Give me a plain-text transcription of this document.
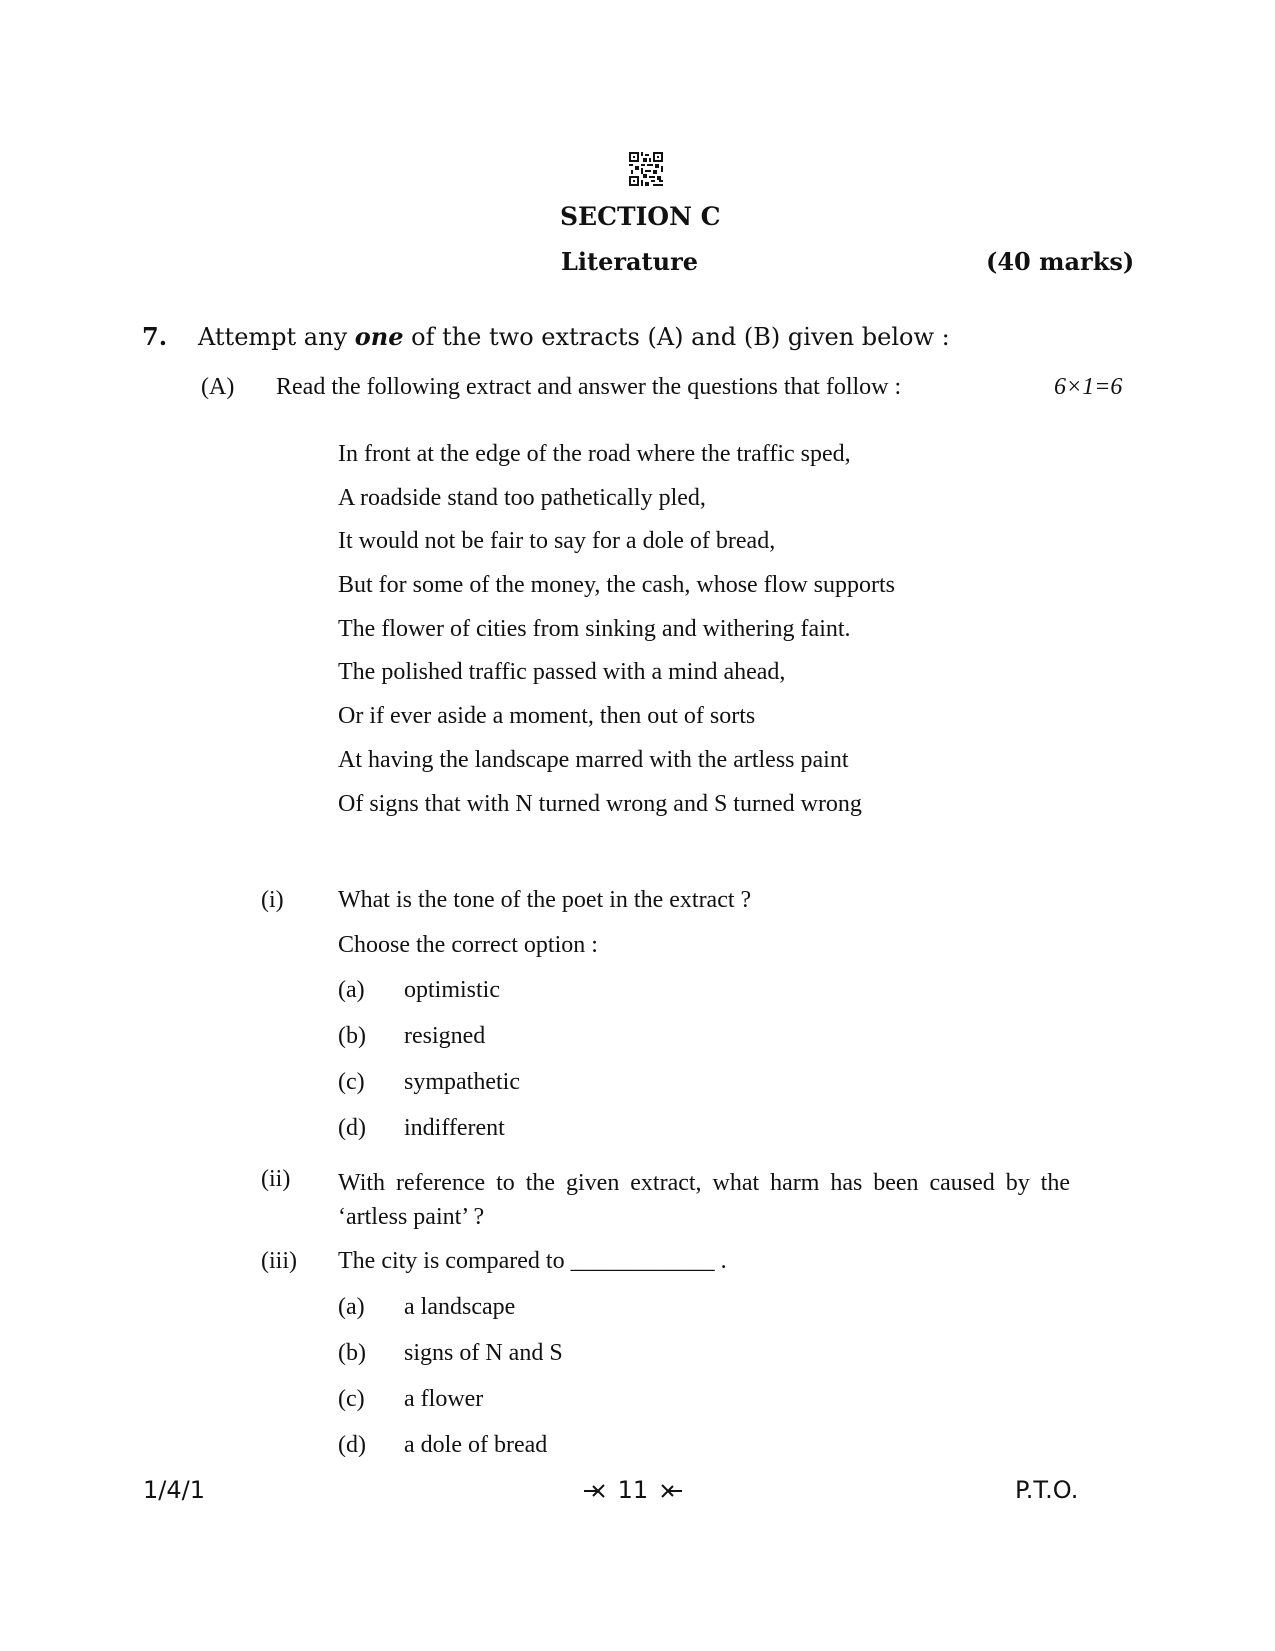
SECTION C
Literature	(40 marks)
7. Attempt any one of the two extracts (A) and (B) given below :
(A) Read the following extract and answer the questions that follow :	6×1=6
In front at the edge of the road where the traffic sped,
A roadside stand too pathetically pled,
It would not be fair to say for a dole of bread,
But for some of the money, the cash, whose flow supports
The flower of cities from sinking and withering faint.
The polished traffic passed with a mind ahead,
Or if ever aside a moment, then out of sorts
At having the landscape marred with the artless paint
Of signs that with N turned wrong and S turned wrong
(i) What is the tone of the poet in the extract ?
Choose the correct option :
(a) optimistic
(b) resigned
(c) sympathetic
(d) indifferent
(ii) With reference to the given extract, what harm has been caused by the ‘artless paint’ ?
(iii) The city is compared to ____________ .
(a) a landscape
(b) signs of N and S
(c) a flower
(d) a dole of bread
1/4/1	11	P.T.O.
